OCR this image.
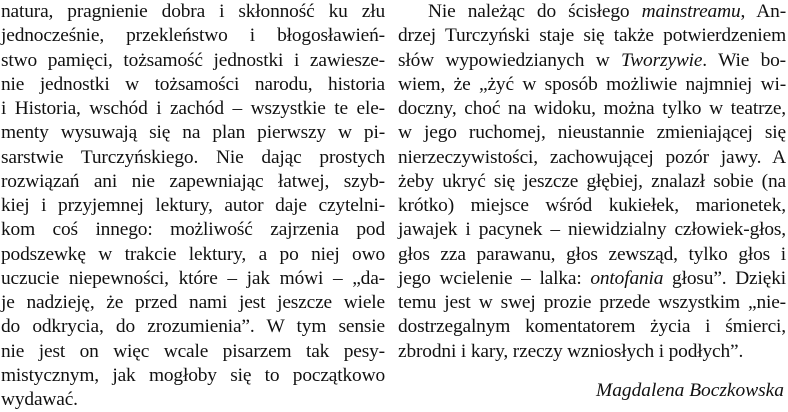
natura, pragnienie dobra i skłonność ku złu
jednocześnie, przekleństwo i błogosławień-
stwo pamięci, tożsamość jednostki i zawiesze-
nie jednostki w tożsamości narodu, historia
i Historia, wschód i zachód – wszystkie te ele-
menty wysuwają się na plan pierwszy w pi-
sarstwie Turczyńskiego. Nie dając prostych
rozwiązań ani nie zapewniając łatwej, szyb-
kiej i przyjemnej lektury, autor daje czytelni-
kom coś innego: możliwość zajrzenia pod
podszewkę w trakcie lektury, a po niej owo
uczucie niepewności, które – jak mówi – „da-
je nadzieję, że przed nami jest jeszcze wiele
do odkrycia, do zrozumienia”. W tym sensie
nie jest on więc wcale pisarzem tak pesy-
mistycznym, jak mogłoby się to początkowo
wydawać.
Nie należąc do ścisłego mainstreamu, An-
drzej Turczyński staje się także potwierdzeniem
słów wypowiedzianych w Tworzywie. Wie bo-
wiem, że „żyć w sposób możliwie najmniej wi-
doczny, choć na widoku, można tylko w teatrze,
w jego ruchomej, nieustannie zmieniającej się
nierzeczywistości, zachowującej pozór jawy. A
żeby ukryć się jeszcze głębiej, znalazł sobie (na
krótko) miejsce wśród kukiełek, marionetek,
jawajek i pacynek – niewidzialny człowiek-głos,
głos zza parawanu, głos zewsząd, tylko głos i
jego wcielenie – lalka: ontofania głosu”. Dzięki
temu jest w swej prozie przede wszystkim „nie-
dostrzegalnym komentatorem życia i śmierci,
zbrodni i kary, rzeczy wzniosłych i podłych”.
Magdalena Boczkowska
